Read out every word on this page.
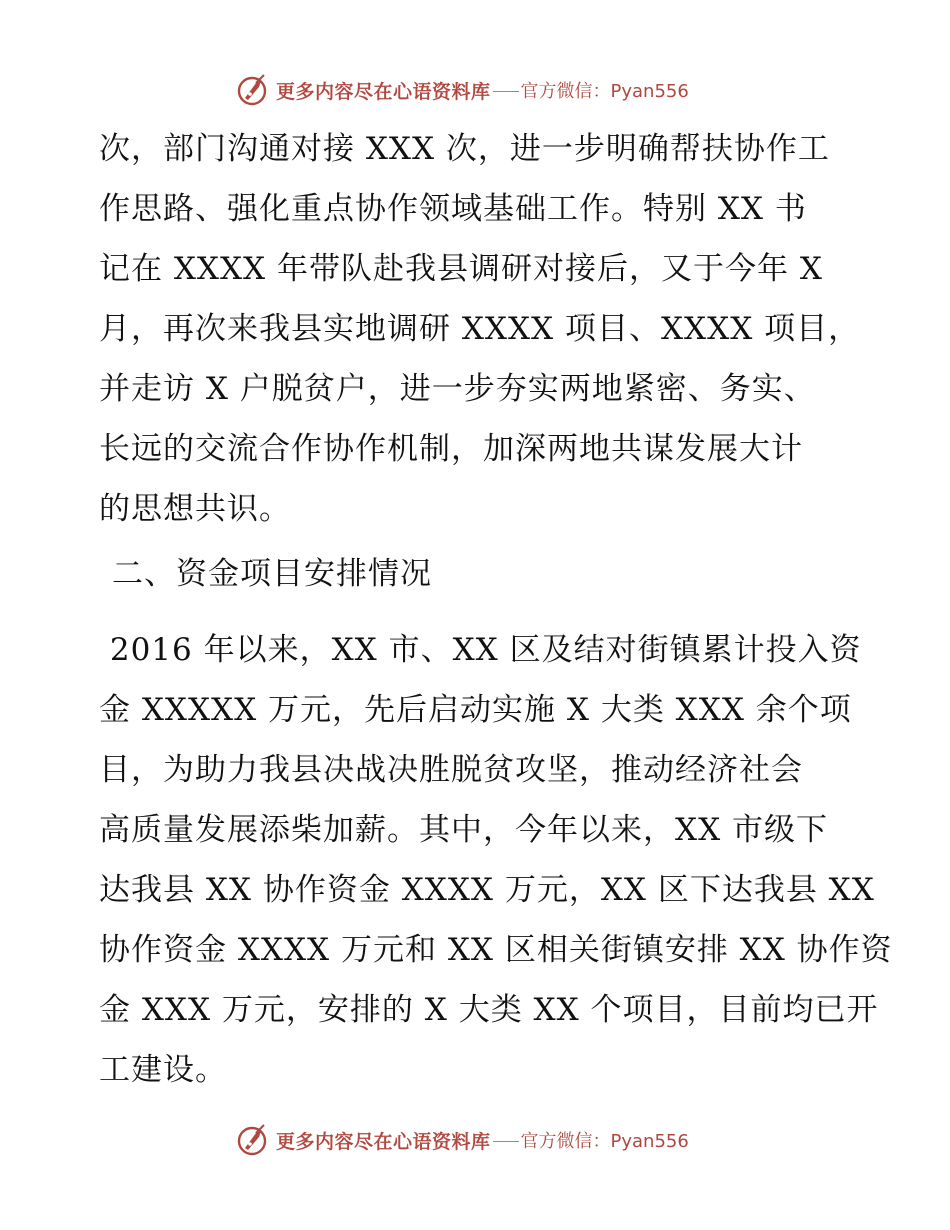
更多内容尽在心语资料库 官方微信：Pyan556
次，部门沟通对接 XXX 次，进一步明确帮扶协作工
作思路、强化重点协作领域基础工作。特别 XX 书
记在 XXXX 年带队赴我县调研对接后，又于今年 X
月，再次来我县实地调研 XXXX 项目、XXXX 项目，
并走访 X 户脱贫户，进一步夯实两地紧密、务实、
长远的交流合作协作机制，加深两地共谋发展大计
的思想共识。
二、资金项目安排情况
2016 年以来，XX 市、XX 区及结对街镇累计投入资
金 XXXXX 万元，先后启动实施 X 大类 XXX 余个项
目，为助力我县决战决胜脱贫攻坚，推动经济社会
高质量发展添柴加薪。其中，今年以来，XX 市级下
达我县 XX 协作资金 XXXX 万元，XX 区下达我县 XX
协作资金 XXXX 万元和 XX 区相关街镇安排 XX 协作资
金 XXX 万元，安排的 X 大类 XX 个项目，目前均已开
工建设。
更多内容尽在心语资料库 官方微信：Pyan556
